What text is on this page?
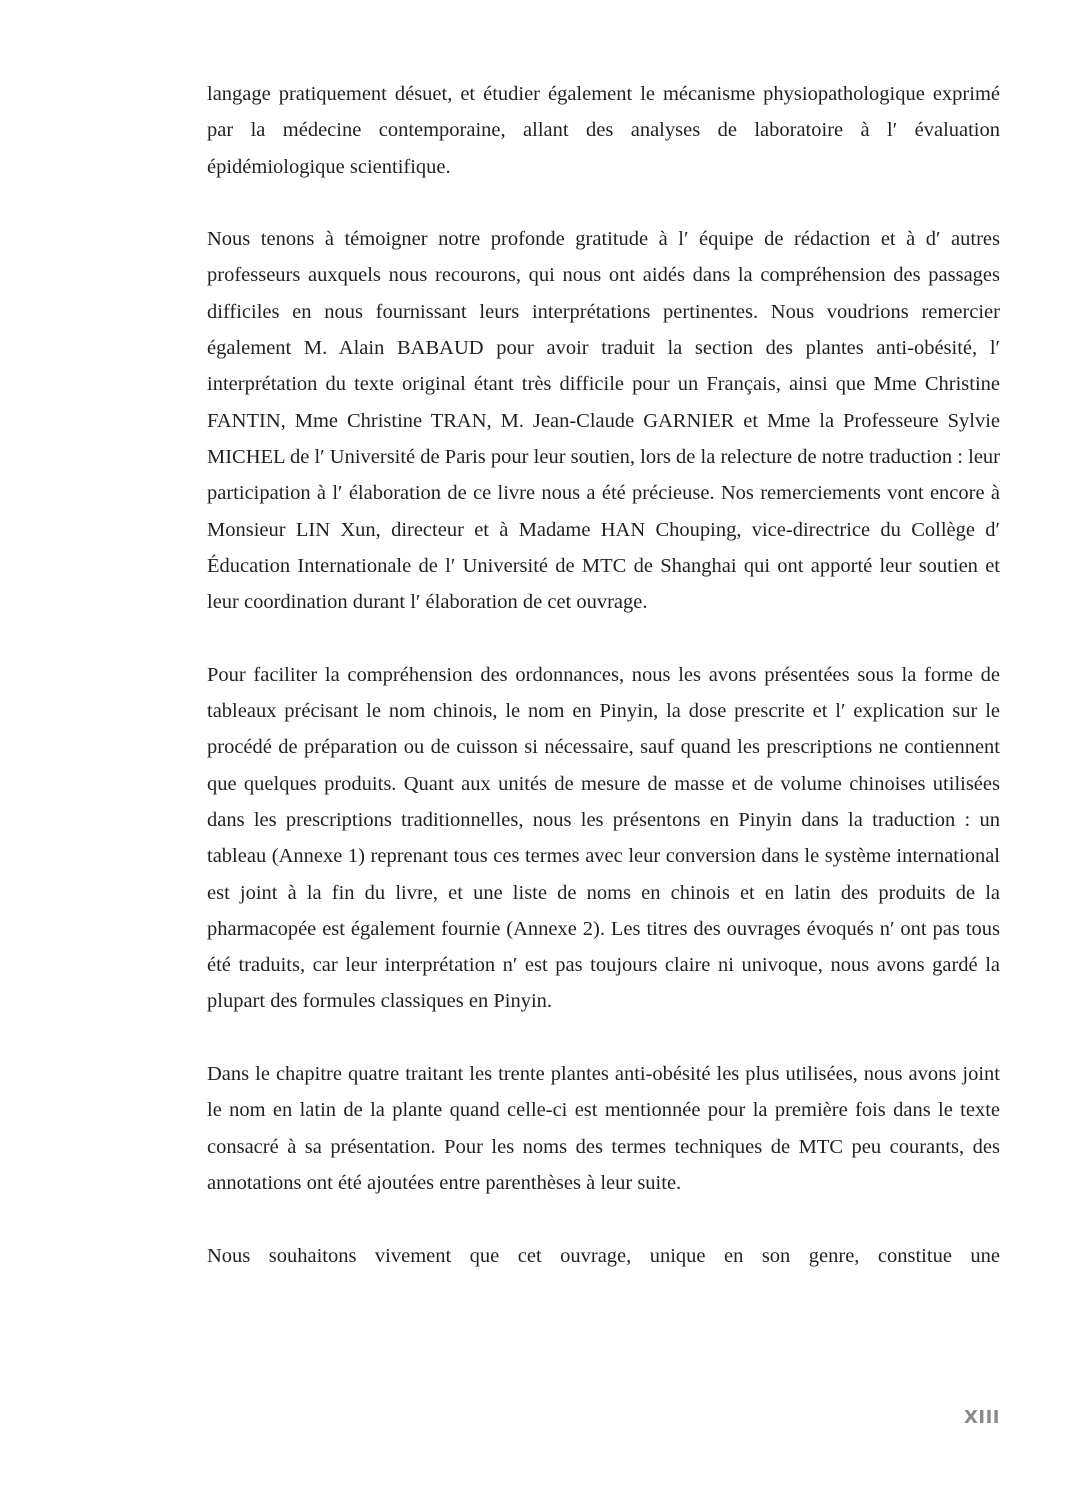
langage pratiquement désuet, et étudier également le mécanisme physiopathologique exprimé par la médecine contemporaine, allant des analyses de laboratoire à l′ évaluation épidémiologique scientifique.

Nous tenons à témoigner notre profonde gratitude à l′ équipe de rédaction et à d′ autres professeurs auxquels nous recourons, qui nous ont aidés dans la compréhension des passages difficiles en nous fournissant leurs interprétations pertinentes. Nous voudrions remercier également M. Alain BABAUD pour avoir traduit la section des plantes anti-obésité, l′ interprétation du texte original étant très difficile pour un Français, ainsi que Mme Christine FANTIN, Mme Christine TRAN, M. Jean-Claude GARNIER et Mme la Professeure Sylvie MICHEL de l′ Université de Paris pour leur soutien, lors de la relecture de notre traduction : leur participation à l′ élaboration de ce livre nous a été précieuse. Nos remerciements vont encore à Monsieur LIN Xun, directeur et à Madame HAN Chouping, vice-directrice du Collège d′ Éducation Internationale de l′ Université de MTC de Shanghai qui ont apporté leur soutien et leur coordination durant l′ élaboration de cet ouvrage.

Pour faciliter la compréhension des ordonnances, nous les avons présentées sous la forme de tableaux précisant le nom chinois, le nom en Pinyin, la dose prescrite et l′ explication sur le procédé de préparation ou de cuisson si nécessaire, sauf quand les prescriptions ne contiennent que quelques produits. Quant aux unités de mesure de masse et de volume chinoises utilisées dans les prescriptions traditionnelles, nous les présentons en Pinyin dans la traduction : un tableau (Annexe 1) reprenant tous ces termes avec leur conversion dans le système international est joint à la fin du livre, et une liste de noms en chinois et en latin des produits de la pharmacopée est également fournie (Annexe 2). Les titres des ouvrages évoqués n′ ont pas tous été traduits, car leur interprétation n′ est pas toujours claire ni univoque, nous avons gardé la plupart des formules classiques en Pinyin.

Dans le chapitre quatre traitant les trente plantes anti-obésité les plus utilisées, nous avons joint le nom en latin de la plante quand celle-ci est mentionnée pour la première fois dans le texte consacré à sa présentation. Pour les noms des termes techniques de MTC peu courants, des annotations ont été ajoutées entre parenthèses à leur suite.

Nous souhaitons vivement que cet ouvrage, unique en son genre, constitue une

XIII
